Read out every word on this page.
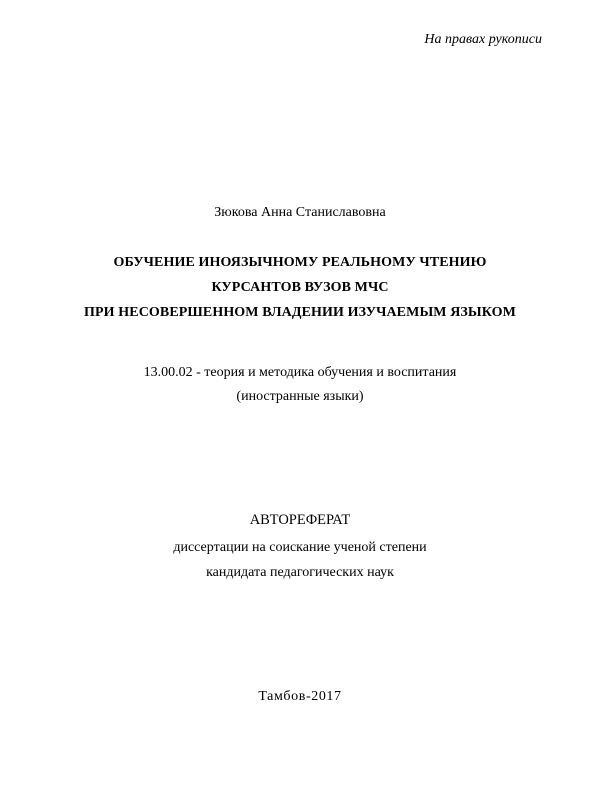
На правах рукописи
Зюкова Анна Станиславовна
ОБУЧЕНИЕ ИНОЯЗЫЧНОМУ РЕАЛЬНОМУ ЧТЕНИЮ
КУРСАНТОВ ВУЗОВ МЧС
ПРИ НЕСОВЕРШЕННОМ ВЛАДЕНИИ ИЗУЧАЕМЫМ ЯЗЫКОМ
13.00.02 - теория и методика обучения и воспитания
(иностранные языки)
АВТОРЕФЕРАТ
диссертации на соискание ученой степени
кандидата педагогических наук
Тамбов-2017
